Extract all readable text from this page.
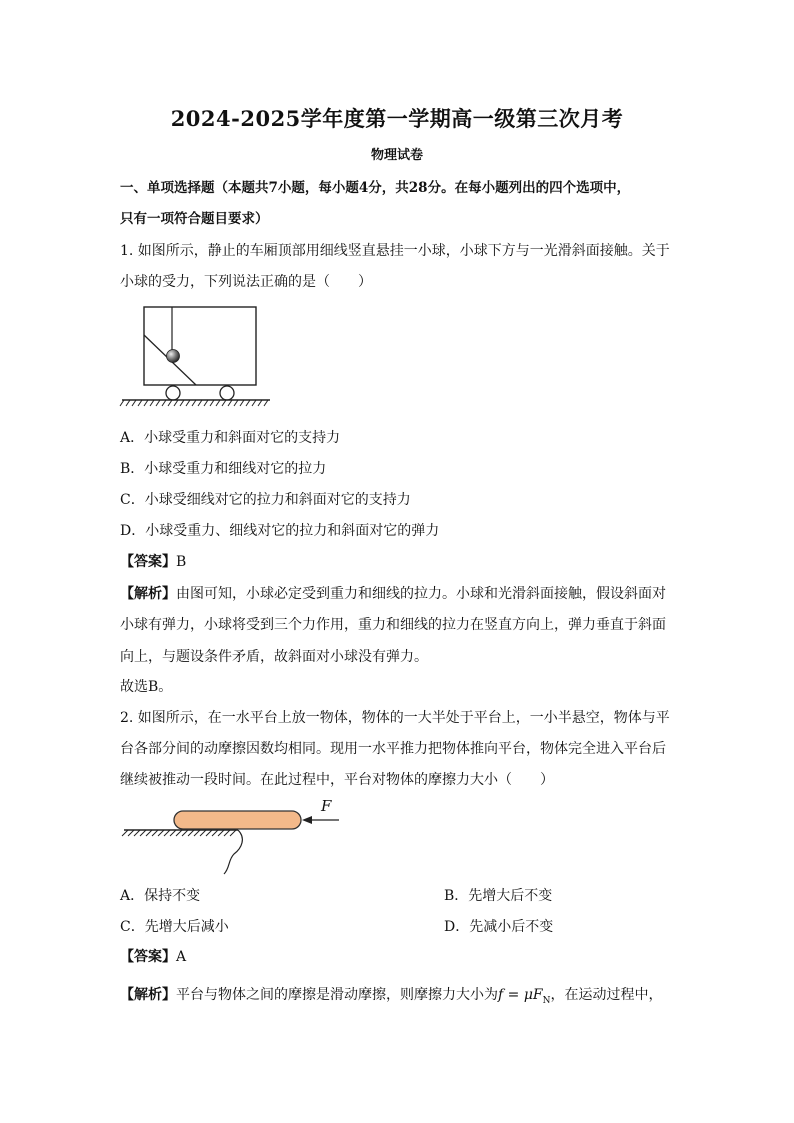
2024-2025学年度第一学期高一级第三次月考
物理试卷
一、单项选择题（本题共7小题，每小题4分，共28分。在每小题列出的四个选项中，
只有一项符合题目要求）
1. 如图所示，静止的车厢顶部用细线竖直悬挂一小球，小球下方与一光滑斜面接触。关于
小球的受力，下列说法正确的是（　　）
A．小球受重力和斜面对它的支持力
B．小球受重力和细线对它的拉力
C．小球受细线对它的拉力和斜面对它的支持力
D．小球受重力、细线对它的拉力和斜面对它的弹力
【答案】B
【解析】由图可知，小球必定受到重力和细线的拉力。小球和光滑斜面接触，假设斜面对
小球有弹力，小球将受到三个力作用，重力和细线的拉力在竖直方向上，弹力垂直于斜面
向上，与题设条件矛盾，故斜面对小球没有弹力。
故选B。
2. 如图所示，在一水平台上放一物体，物体的一大半处于平台上，一小半悬空，物体与平
台各部分间的动摩擦因数均相同。现用一水平推力把物体推向平台，物体完全进入平台后
继续被推动一段时间。在此过程中，平台对物体的摩擦力大小（　　）
F
A．保持不变	B．先增大后不变
C．先增大后减小	D．先减小后不变
【答案】A
【解析】平台与物体之间的摩擦是滑动摩擦，则摩擦力大小为$f = \mu F_N$，在运动过程中，
